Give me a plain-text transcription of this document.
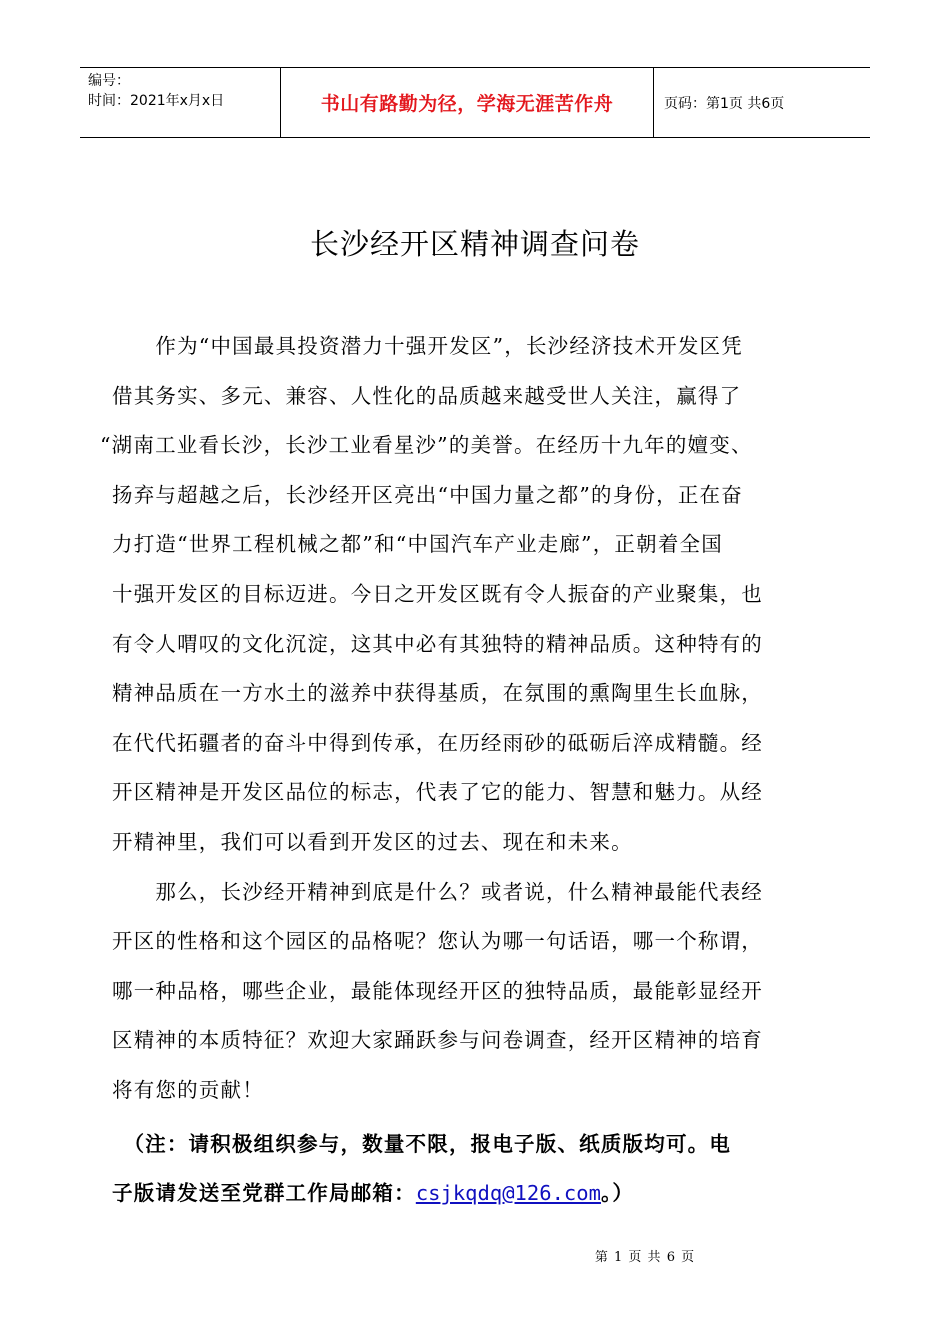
编号：
时间：2021年x月x日	书山有路勤为径，学海无涯苦作舟	页码：第1页 共6页
长沙经开区精神调查问卷
　　作为“中国最具投资潜力十强开发区”，长沙经济技术开发区凭
借其务实、多元、兼容、人性化的品质越来越受世人关注，赢得了
“湖南工业看长沙，长沙工业看星沙”的美誉。在经历十九年的嬗变、
扬弃与超越之后，长沙经开区亮出“中国力量之都”的身份，正在奋
力打造“世界工程机械之都”和“中国汽车产业走廊”，正朝着全国
十强开发区的目标迈进。今日之开发区既有令人振奋的产业聚集，也
有令人喟叹的文化沉淀，这其中必有其独特的精神品质。这种特有的
精神品质在一方水土的滋养中获得基质，在氛围的熏陶里生长血脉，
在代代拓疆者的奋斗中得到传承，在历经雨砂的砥砺后淬成精髓。经
开区精神是开发区品位的标志，代表了它的能力、智慧和魅力。从经
开精神里，我们可以看到开发区的过去、现在和未来。
　　那么，长沙经开精神到底是什么？或者说，什么精神最能代表经
开区的性格和这个园区的品格呢？您认为哪一句话语，哪一个称谓，
哪一种品格，哪些企业，最能体现经开区的独特品质，最能彰显经开
区精神的本质特征？欢迎大家踊跃参与问卷调查，经开区精神的培育
将有您的贡献！
　（注：请积极组织参与，数量不限，报电子版、纸质版均可。电
子版请发送至党群工作局邮箱：csjkqdq@126.com。）
第 1 页 共 6 页
